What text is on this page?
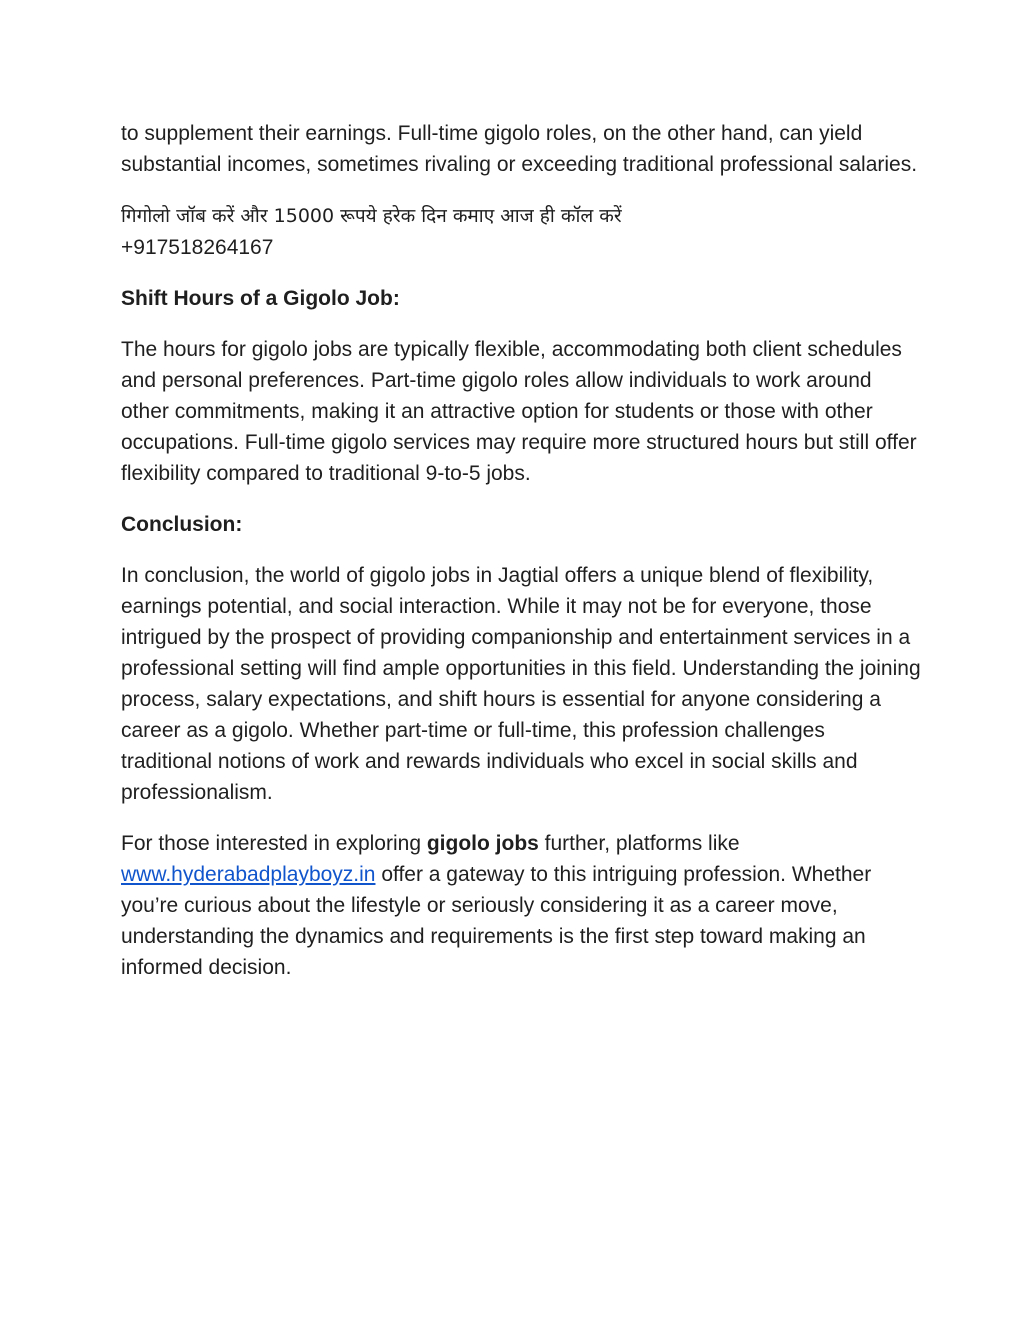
to supplement their earnings. Full-time gigolo roles, on the other hand, can yield substantial incomes, sometimes rivaling or exceeding traditional professional salaries.

गिगोलो जॉब करें और 15000 रूपये हरेक दिन कमाए आज ही कॉल करें
+917518264167

Shift Hours of a Gigolo Job:

The hours for gigolo jobs are typically flexible, accommodating both client schedules and personal preferences. Part-time gigolo roles allow individuals to work around other commitments, making it an attractive option for students or those with other occupations. Full-time gigolo services may require more structured hours but still offer flexibility compared to traditional 9-to-5 jobs.

Conclusion:

In conclusion, the world of gigolo jobs in Jagtial offers a unique blend of flexibility, earnings potential, and social interaction. While it may not be for everyone, those intrigued by the prospect of providing companionship and entertainment services in a professional setting will find ample opportunities in this field. Understanding the joining process, salary expectations, and shift hours is essential for anyone considering a career as a gigolo. Whether part-time or full-time, this profession challenges traditional notions of work and rewards individuals who excel in social skills and professionalism.

For those interested in exploring gigolo jobs further, platforms like
www.hyderabadplayboyz.in offer a gateway to this intriguing profession. Whether you’re curious about the lifestyle or seriously considering it as a career move, understanding the dynamics and requirements is the first step toward making an informed decision.
